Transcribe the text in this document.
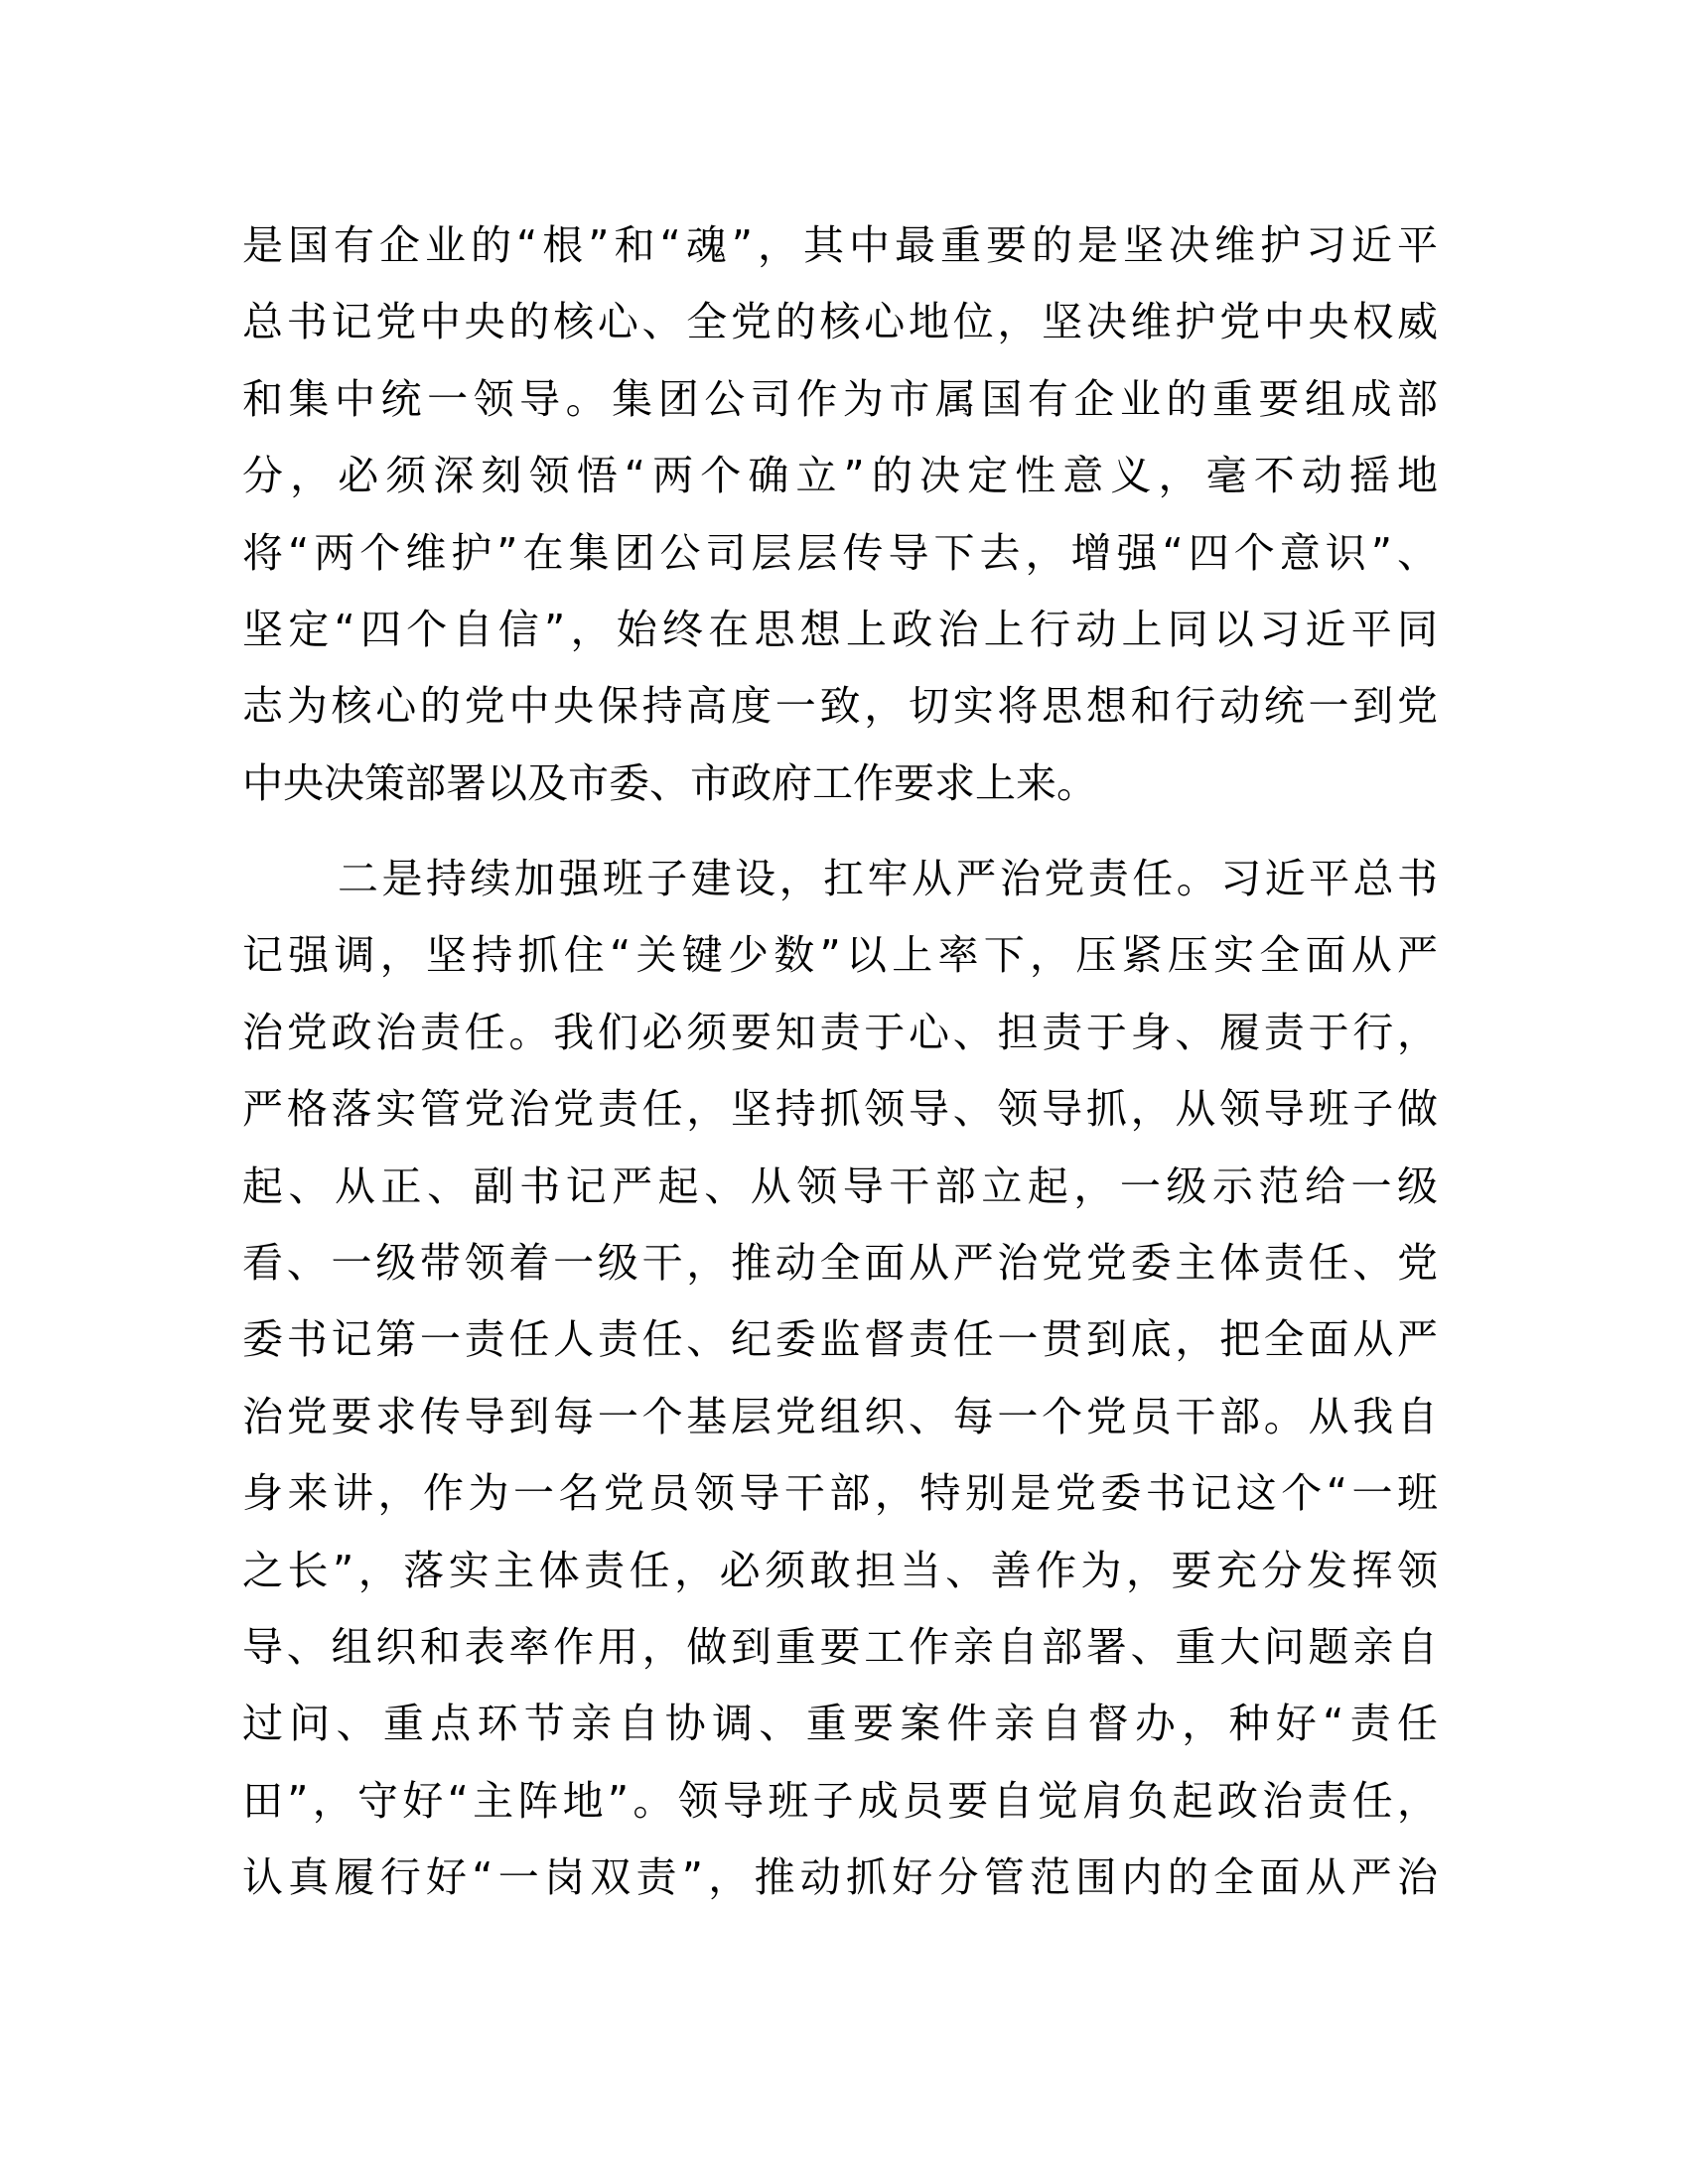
是国有企业的“根”和“魂”，其中最重要的是坚决维护习近平
总书记党中央的核心、全党的核心地位，坚决维护党中央权威
和集中统一领导。集团公司作为市属国有企业的重要组成部
分，必须深刻领悟“两个确立”的决定性意义，毫不动摇地
将“两个维护”在集团公司层层传导下去，增强“四个意识”、
坚定“四个自信”，始终在思想上政治上行动上同以习近平同
志为核心的党中央保持高度一致，切实将思想和行动统一到党
中央决策部署以及市委、市政府工作要求上来。
二是持续加强班子建设，扛牢从严治党责任。习近平总书
记强调，坚持抓住“关键少数”以上率下，压紧压实全面从严
治党政治责任。我们必须要知责于心、担责于身、履责于行，
严格落实管党治党责任，坚持抓领导、领导抓，从领导班子做
起、从正、副书记严起、从领导干部立起，一级示范给一级
看、一级带领着一级干，推动全面从严治党党委主体责任、党
委书记第一责任人责任、纪委监督责任一贯到底，把全面从严
治党要求传导到每一个基层党组织、每一个党员干部。从我自
身来讲，作为一名党员领导干部，特别是党委书记这个“一班
之长”，落实主体责任，必须敢担当、善作为，要充分发挥领
导、组织和表率作用，做到重要工作亲自部署、重大问题亲自
过问、重点环节亲自协调、重要案件亲自督办，种好“责任
田”，守好“主阵地”。领导班子成员要自觉肩负起政治责任，
认真履行好“一岗双责”，推动抓好分管范围内的全面从严治
